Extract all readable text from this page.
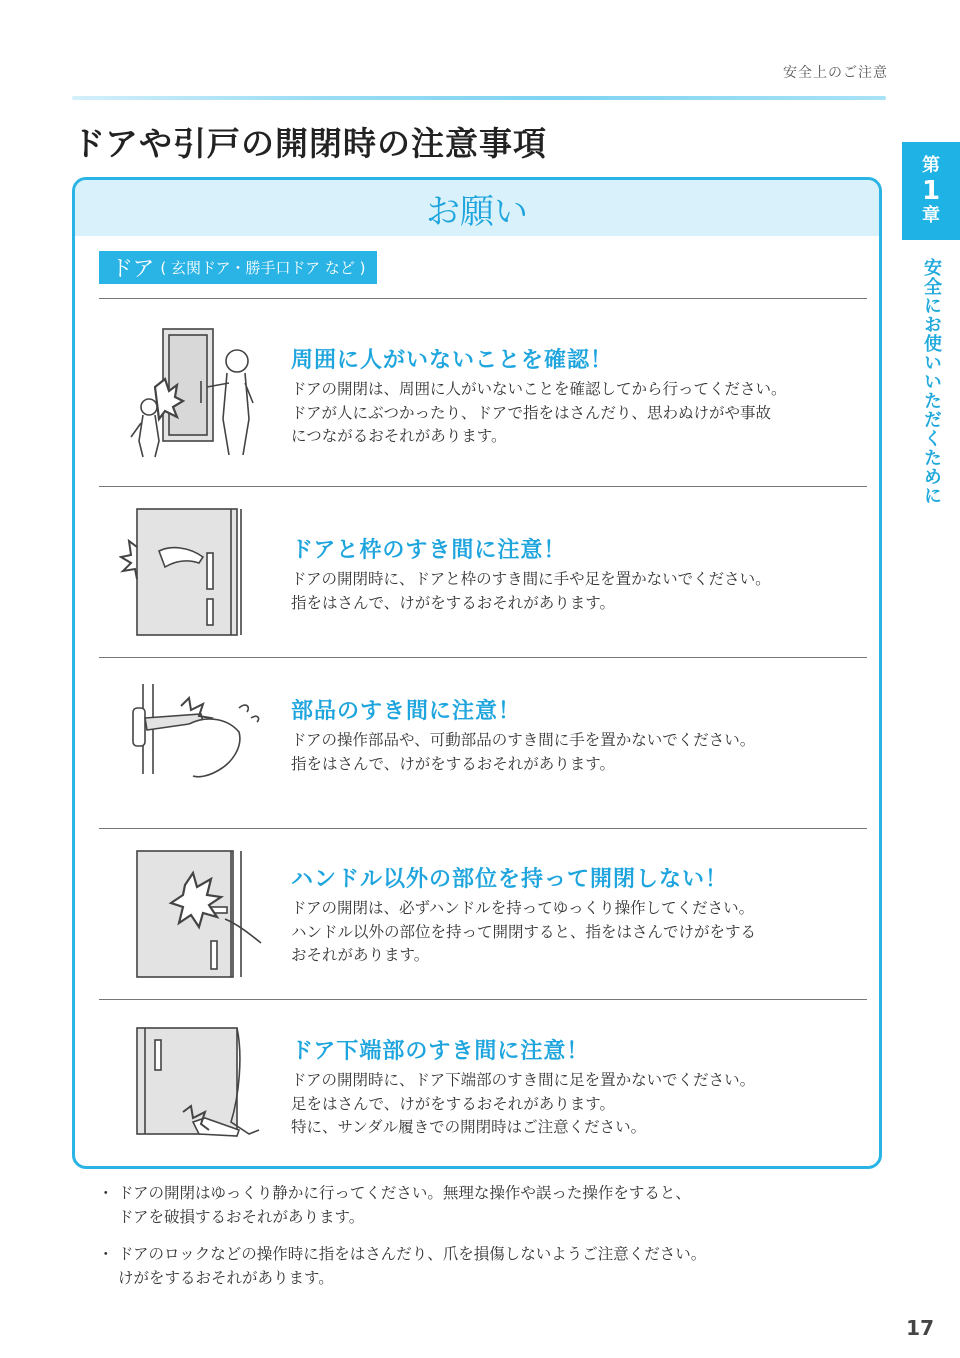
安全上のご注意
ドアや引戸の開閉時の注意事項
第
1
章
安全にお使いいただくために
お願い
ドア ( 玄関ドア・勝手口ドア など )
周囲に人がいないことを確認！

ドアの開閉は、周囲に人がいないことを確認してから行ってください。
ドアが人にぶつかったり、ドアで指をはさんだり、思わぬけがや事故
につながるおそれがあります。

ドアと枠のすき間に注意！

ドアの開閉時に、ドアと枠のすき間に手や足を置かないでください。
指をはさんで、けがをするおそれがあります。

部品のすき間に注意！

ドアの操作部品や、可動部品のすき間に手を置かないでください。
指をはさんで、けがをするおそれがあります。

ハンドル以外の部位を持って開閉しない！

ドアの開閉は、必ずハンドルを持ってゆっくり操作してください。
ハンドル以外の部位を持って開閉すると、指をはさんでけがをする
おそれがあります。

ドア下端部のすき間に注意！

ドアの開閉時に、ドア下端部のすき間に足を置かないでください。
足をはさんで、けがをするおそれがあります。
特に、サンダル履きでの開閉時はご注意ください。

・ ドアの開閉はゆっくり静かに行ってください。無理な操作や誤った操作をすると、
ドアを破損するおそれがあります。
・ ドアのロックなどの操作時に指をはさんだり、爪を損傷しないようご注意ください。
けがをするおそれがあります。
17
